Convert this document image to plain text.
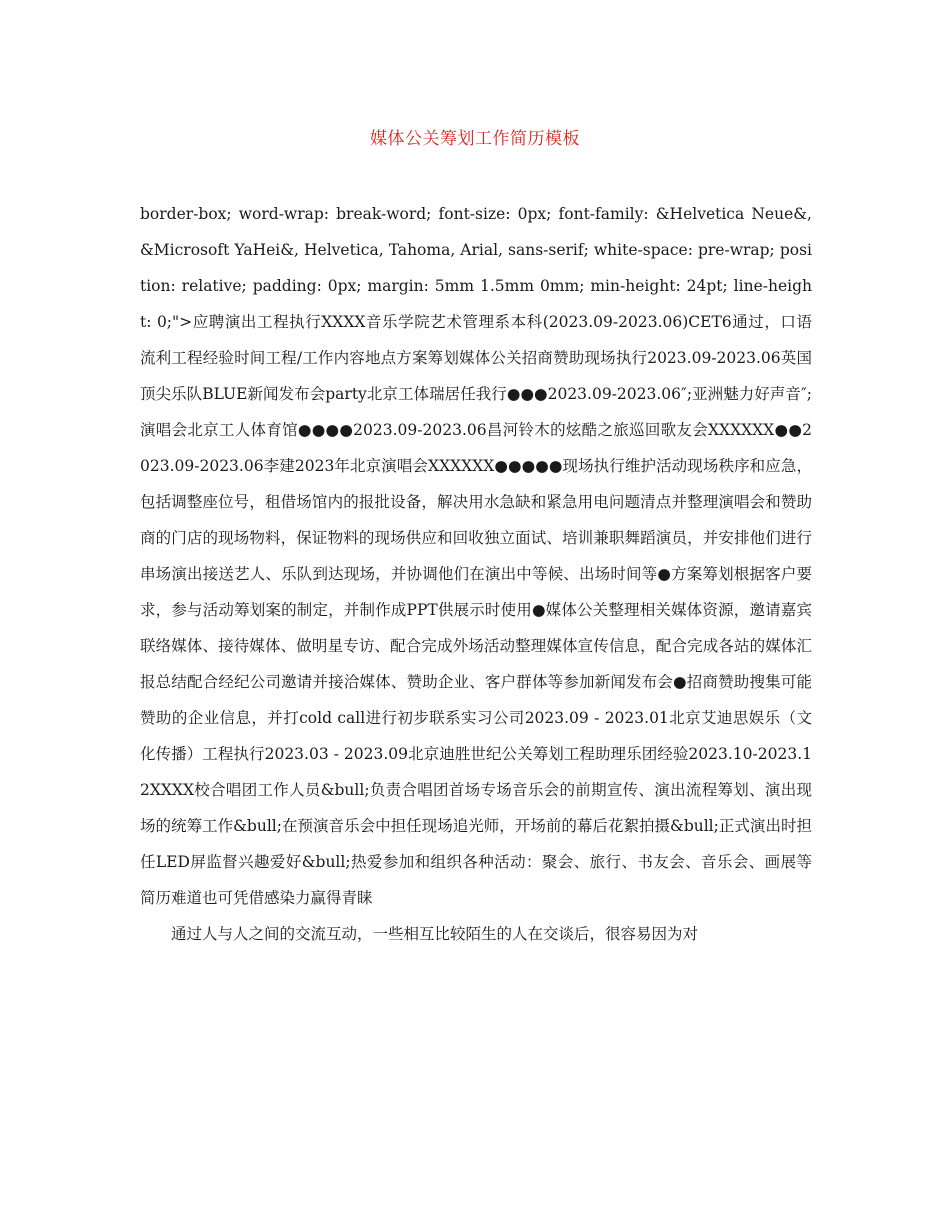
媒体公关筹划工作简历模板

border-box; word-wrap: break-word; font-size: 0px; font-family: &Helvetica Neue&, &Microsoft YaHei&, Helvetica, Tahoma, Arial, sans-serif; white-space: pre-wrap; position: relative; padding: 0px; margin: 5mm 1.5mm 0mm; min-height: 24pt; line-height: 0;">应聘演出工程执行XXXX音乐学院艺术管理系本科(2023.09-2023.06)CET6通过，口语流利工程经验时间工程/工作内容地点方案筹划媒体公关招商赞助现场执行2023.09-2023.06英国顶尖乐队BLUE新闻发布会party北京工体瑞居任我行●●●2023.09-2023.06″;亚洲魅力好声音″;演唱会北京工人体育馆●●●●2023.09-2023.06昌河铃木的炫酷之旅巡回歌友会XXXXXX●●2023.09-2023.06李建2023年北京演唱会XXXXXX●●●●●现场执行维护活动现场秩序和应急，包括调整座位号，租借场馆内的报批设备，解决用水急缺和紧急用电问题清点并整理演唱会和赞助商的门店的现场物料，保证物料的现场供应和回收独立面试、培训兼职舞蹈演员，并安排他们进行串场演出接送艺人、乐队到达现场，并协调他们在演出中等候、出场时间等●方案筹划根据客户要求，参与活动筹划案的制定，并制作成PPT供展示时使用●媒体公关整理相关媒体资源，邀请嘉宾联络媒体、接待媒体、做明星专访、配合完成外场活动整理媒体宣传信息，配合完成各站的媒体汇报总结配合经纪公司邀请并接洽媒体、赞助企业、客户群体等参加新闻发布会●招商赞助搜集可能赞助的企业信息，并打cold call进行初步联系实习公司2023.09 - 2023.01北京艾迪思娱乐（文化传播）工程执行2023.03 - 2023.09北京迪胜世纪公关筹划工程助理乐团经验2023.10-2023.12XXXX校合唱团工作人员&bull;负责合唱团首场专场音乐会的前期宣传、演出流程筹划、演出现场的统筹工作&bull;在预演音乐会中担任现场追光师，开场前的幕后花絮拍摄&bull;正式演出时担任LED屏监督兴趣爱好&bull;热爱参加和组织各种活动：聚会、旅行、书友会、音乐会、画展等　　简历难道也可凭借感染力赢得青睐

通过人与人之间的交流互动，一些相互比较陌生的人在交谈后，很容易因为对
